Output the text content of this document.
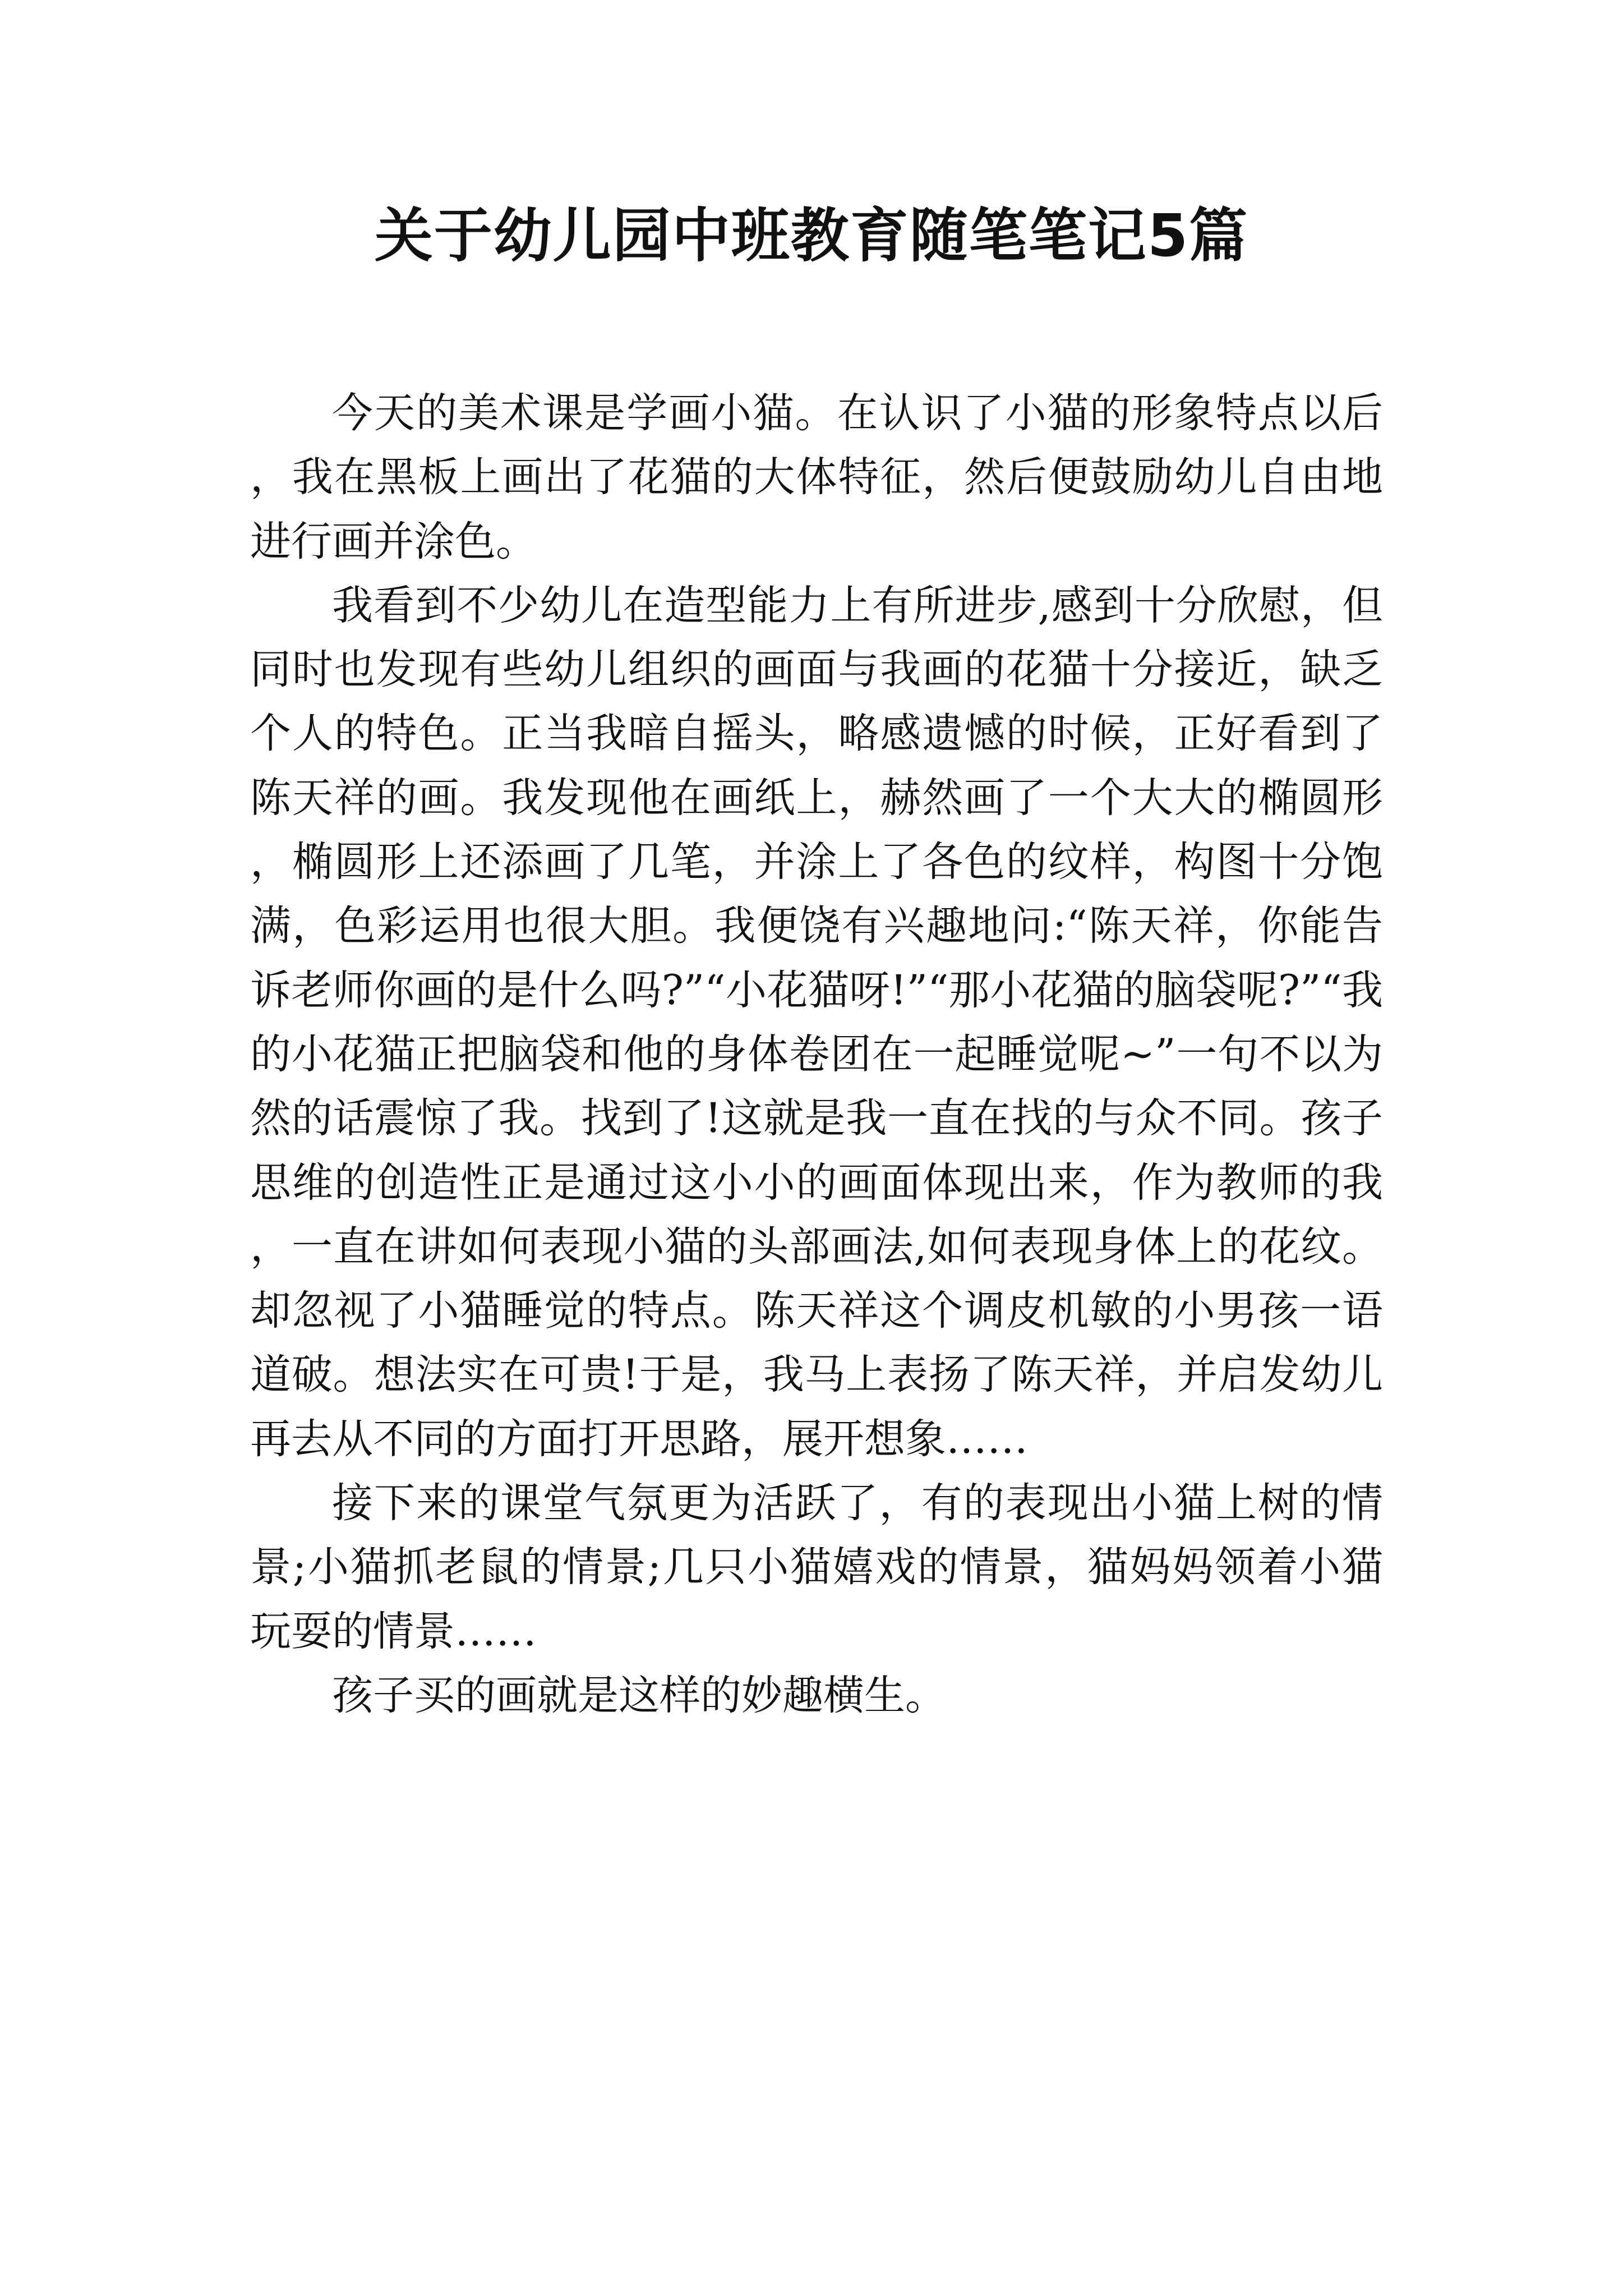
关于幼儿园中班教育随笔笔记5篇

今天的美术课是学画小猫。在认识了小猫的形象特点以后，我在黑板上画出了花猫的大体特征，然后便鼓励幼儿自由地进行画并涂色。

我看到不少幼儿在造型能力上有所进步,感到十分欣慰，但同时也发现有些幼儿组织的画面与我画的花猫十分接近，缺乏个人的特色。正当我暗自摇头，略感遗憾的时候，正好看到了陈天祥的画。我发现他在画纸上，赫然画了一个大大的椭圆形，椭圆形上还添画了几笔，并涂上了各色的纹样，构图十分饱满，色彩运用也很大胆。我便饶有兴趣地问:“陈天祥，你能告诉老师你画的是什么吗?”“小花猫呀!”“那小花猫的脑袋呢?”“我的小花猫正把脑袋和他的身体卷团在一起睡觉呢~”一句不以为然的话震惊了我。找到了!这就是我一直在找的与众不同。孩子思维的创造性正是通过这小小的画面体现出来，作为教师的我，一直在讲如何表现小猫的头部画法,如何表现身体上的花纹。却忽视了小猫睡觉的特点。陈天祥这个调皮机敏的小男孩一语道破。想法实在可贵!于是，我马上表扬了陈天祥，并启发幼儿再去从不同的方面打开思路，展开想象……

接下来的课堂气氛更为活跃了，有的表现出小猫上树的情景;小猫抓老鼠的情景;几只小猫嬉戏的情景，猫妈妈领着小猫玩耍的情景……

孩子买的画就是这样的妙趣横生。
